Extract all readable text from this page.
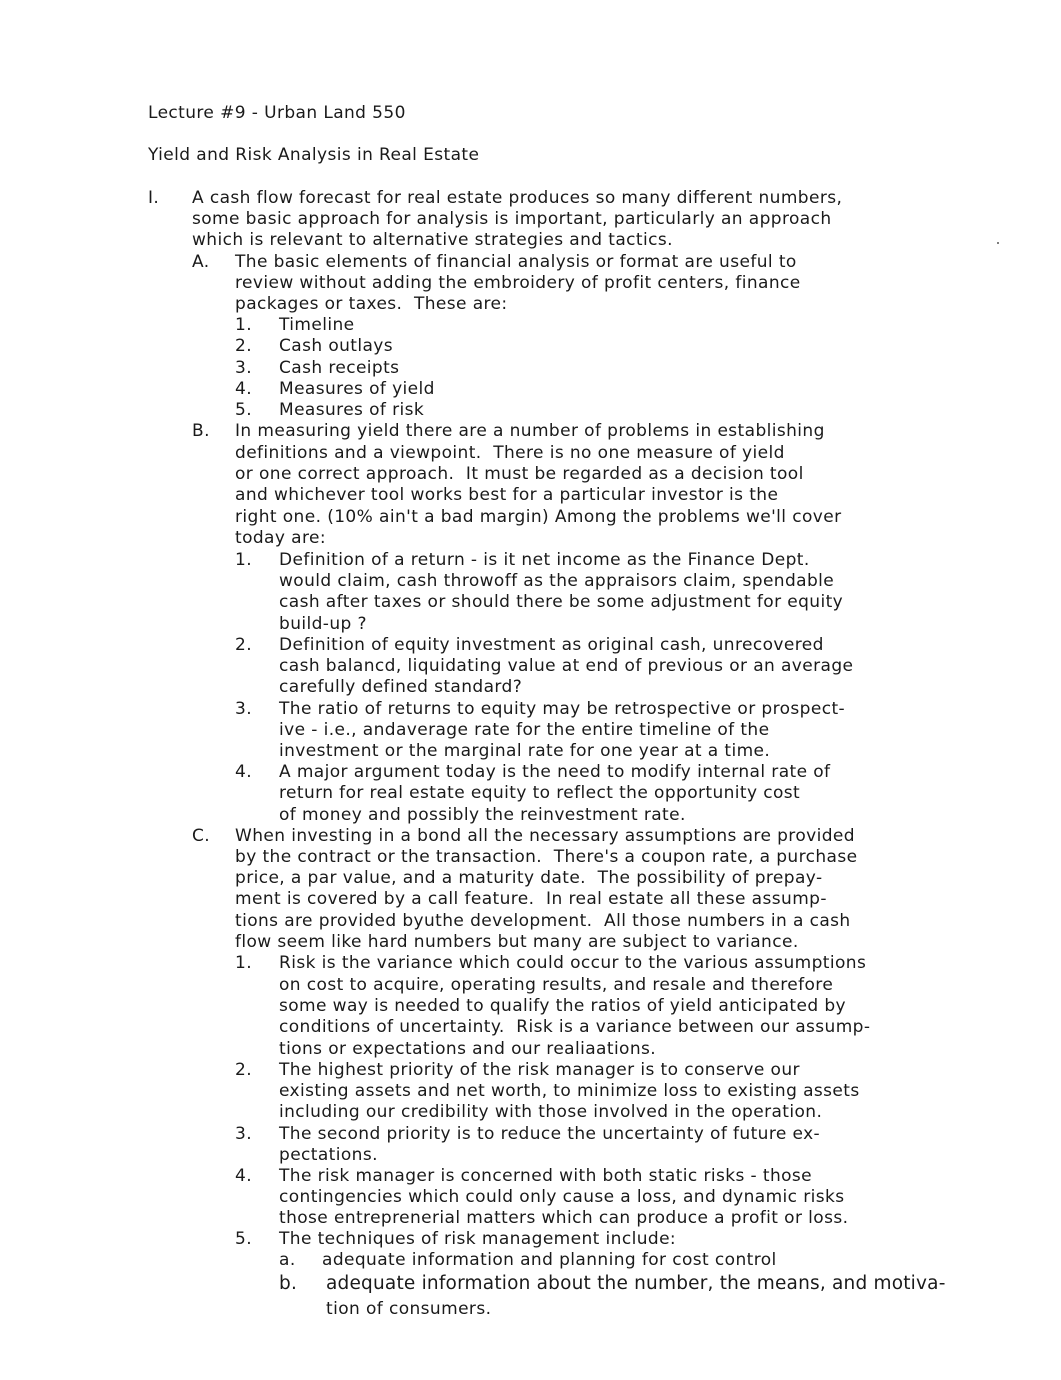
Lecture #9 - Urban Land 550
Yield and Risk Analysis in Real Estate
I. A cash flow forecast for real estate produces so many different numbers,
some basic approach for analysis is important, particularly an approach
which is relevant to alternative strategies and tactics.
A. The basic elements of financial analysis or format are useful to
review without adding the embroidery of profit centers, finance
packages or taxes.  These are:
1. Timeline
2. Cash outlays
3. Cash receipts
4. Measures of yield
5. Measures of risk
B. In measuring yield there are a number of problems in establishing
definitions and a viewpoint.  There is no one measure of yield
or one correct approach.  It must be regarded as a decision tool
and whichever tool works best for a particular investor is the
right one. (10% ain't a bad margin) Among the problems we'll cover
today are:
1. Definition of a return - is it net income as the Finance Dept.
would claim, cash throwoff as the appraisors claim, spendable
cash after taxes or should there be some adjustment for equity
build-up ?
2. Definition of equity investment as original cash, unrecovered
cash balancd, liquidating value at end of previous or an average
carefully defined standard?
3. The ratio of returns to equity may be retrospective or prospect-
ive - i.e., andaverage rate for the entire timeline of the
investment or the marginal rate for one year at a time.
4. A major argument today is the need to modify internal rate of
return for real estate equity to reflect the opportunity cost
of money and possibly the reinvestment rate.
C. When investing in a bond all the necessary assumptions are provided
by the contract or the transaction.  There's a coupon rate, a purchase
price, a par value, and a maturity date.  The possibility of prepay-
ment is covered by a call feature.  In real estate all these assump-
tions are provided byuthe development.  All those numbers in a cash
flow seem like hard numbers but many are subject to variance.
1. Risk is the variance which could occur to the various assumptions
on cost to acquire, operating results, and resale and therefore
some way is needed to qualify the ratios of yield anticipated by
conditions of uncertainty.  Risk is a variance between our assump-
tions or expectations and our realiaations.
2. The highest priority of the risk manager is to conserve our
existing assets and net worth, to minimize loss to existing assets
including our credibility with those involved in the operation.
3. The second priority is to reduce the uncertainty of future ex-
pectations.
4. The risk manager is concerned with both static risks - those
contingencies which could only cause a loss, and dynamic risks
those entreprenerial matters which can produce a profit or loss.
5. The techniques of risk management include:
a. adequate information and planning for cost control
b. adequate information about the number, the means, and motiva-
tion of consumers.
